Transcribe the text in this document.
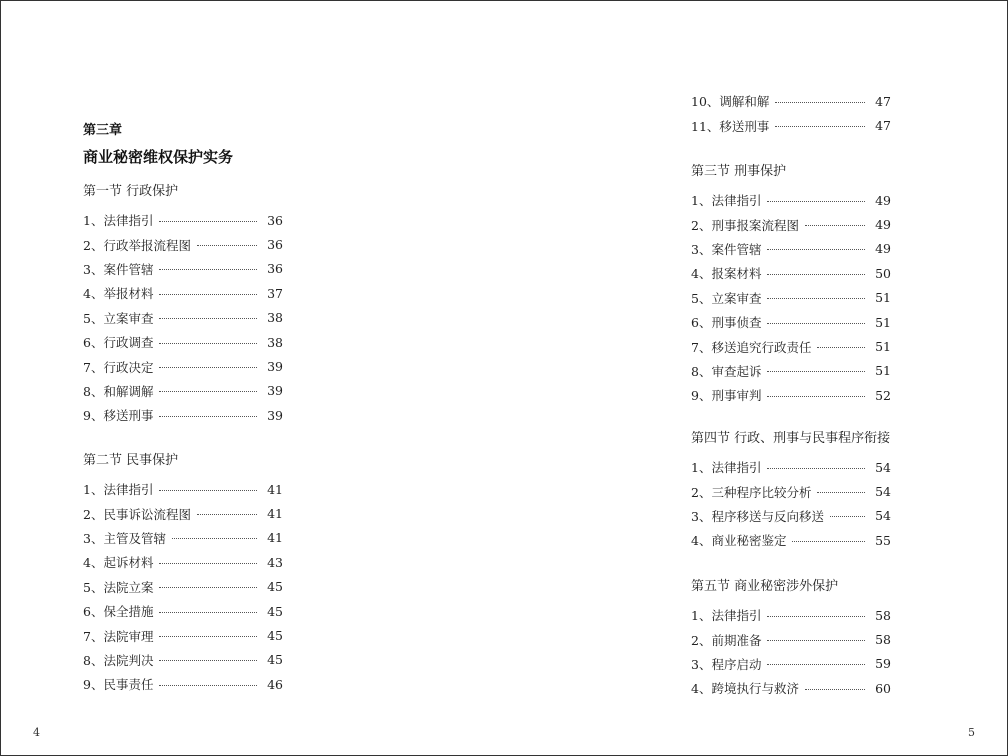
第三章
商业秘密维权保护实务
第一节 行政保护
1、法律指引	36
2、行政举报流程图	36
3、案件管辖	36
4、举报材料	37
5、立案审查	38
6、行政调查	38
7、行政决定	39
8、和解调解	39
9、移送刑事	39
第二节 民事保护
1、法律指引	41
2、民事诉讼流程图	41
3、主管及管辖	41
4、起诉材料	43
5、法院立案	45
6、保全措施	45
7、法院审理	45
8、法院判决	45
9、民事责任	46
4
10、调解和解	47
11、移送刑事	47
第三节 刑事保护
1、法律指引	49
2、刑事报案流程图	49
3、案件管辖	49
4、报案材料	50
5、立案审查	51
6、刑事侦查	51
7、移送追究行政责任	51
8、审查起诉	51
9、刑事审判	52
第四节 行政、刑事与民事程序衔接
1、法律指引	54
2、三种程序比较分析	54
3、程序移送与反向移送	54
4、商业秘密鉴定	55
第五节 商业秘密涉外保护
1、法律指引	58
2、前期准备	58
3、程序启动	59
4、跨境执行与救济	60
5
